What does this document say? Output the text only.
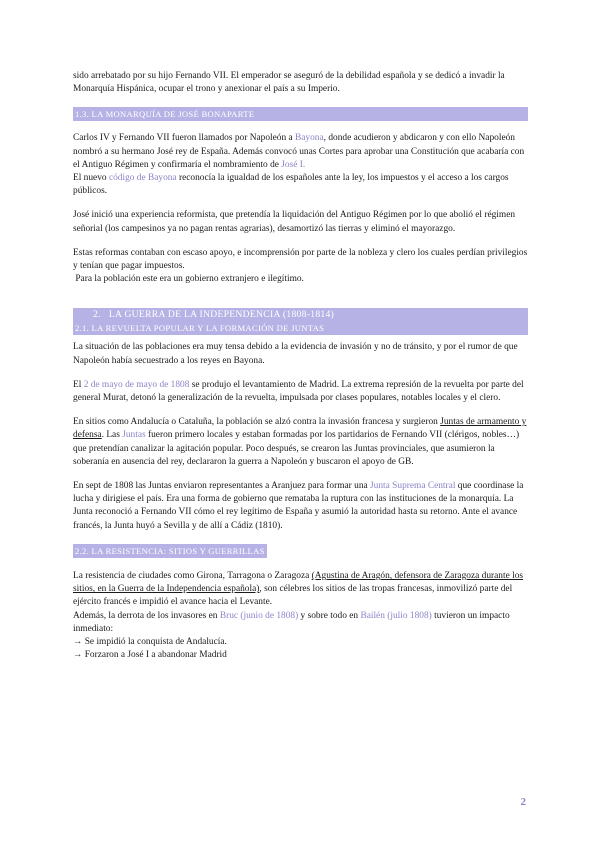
sido arrebatado por su hijo Fernando VII. El emperador se aseguró de la debilidad española y se dedicó a invadir la Monarquía Hispánica, ocupar el trono y anexionar el país a su Imperio.

1.3. LA MONARQUÍA DE JOSÉ BONAPARTE

Carlos IV y Fernando VII fueron llamados por Napoleón a Bayona, donde acudieron y abdicaron y con ello Napoleón nombró a su hermano José rey de España. Además convocó unas Cortes para aprobar una Constitución que acabaría con el Antiguo Régimen y confirmaría el nombramiento de José I.
El nuevo código de Bayona reconocía la igualdad de los españoles ante la ley, los impuestos y el acceso a los cargos públicos.

José inició una experiencia reformista, que pretendía la liquidación del Antiguo Régimen por lo que abolió el régimen señorial (los campesinos ya no pagan rentas agrarias), desamortizó las tierras y eliminó el mayorazgo.

Estas reformas contaban con escaso apoyo, e incomprensión por parte de la nobleza y clero los cuales perdían privilegios y tenían que pagar impuestos.

Para la población este era un gobierno extranjero e ilegítimo.

2.   LA GUERRA DE LA INDEPENDENCIA (1808-1814)
2.1. LA REVUELTA POPULAR Y LA FORMACIÓN DE JUNTAS

La situación de las poblaciones era muy tensa debido a la evidencia de invasión y no de tránsito, y por el rumor de que Napoleón había secuestrado a los reyes en Bayona.

El 2 de mayo de mayo de 1808 se produjo el levantamiento de Madrid. La extrema represión de la revuelta por parte del general Murat, detonó la generalización de la revuelta, impulsada por clases populares, notables locales y el clero.

En sitios como Andalucía o Cataluña, la población se alzó contra la invasión francesa y surgieron Juntas de armamento y defensa. Las Juntas fueron primero locales y estaban formadas por los partidarios de Fernando VII (clérigos, nobles…) que pretendían canalizar la agitación popular. Poco después, se crearon las Juntas provinciales, que asumieron la soberanía en ausencia del rey, declararon la guerra a Napoleón y buscaron el apoyo de GB.

En sept de 1808 las Juntas enviaron representantes a Aranjuez para formar una Junta Suprema Central que coordinase la lucha y dirigiese el país. Era una forma de gobierno que remataba la ruptura con las instituciones de la monarquía. La Junta reconoció a Fernando VII cómo el rey legítimo de España y asumió la autoridad hasta su retorno. Ante el avance francés, la Junta huyó a Sevilla y de allí a Cádiz (1810).

2.2. LA RESISTENCIA: SITIOS Y GUERRILLAS

La resistencia de ciudades como Girona, Tarragona o Zaragoza (Agustina de Aragón, defensora de Zaragoza durante los sitios, en la Guerra de la Independencia española), son célebres los sitios de las tropas francesas, inmovilizó parte del ejército francés e impidió el avance hacia el Levante.
Además, la derrota de los invasores en Bruc (junio de 1808) y sobre todo en Bailén (julio 1808) tuvieron un impacto inmediato:
→ Se impidió la conquista de Andalucía.
→ Forzaron a José I a abandonar Madrid

2
